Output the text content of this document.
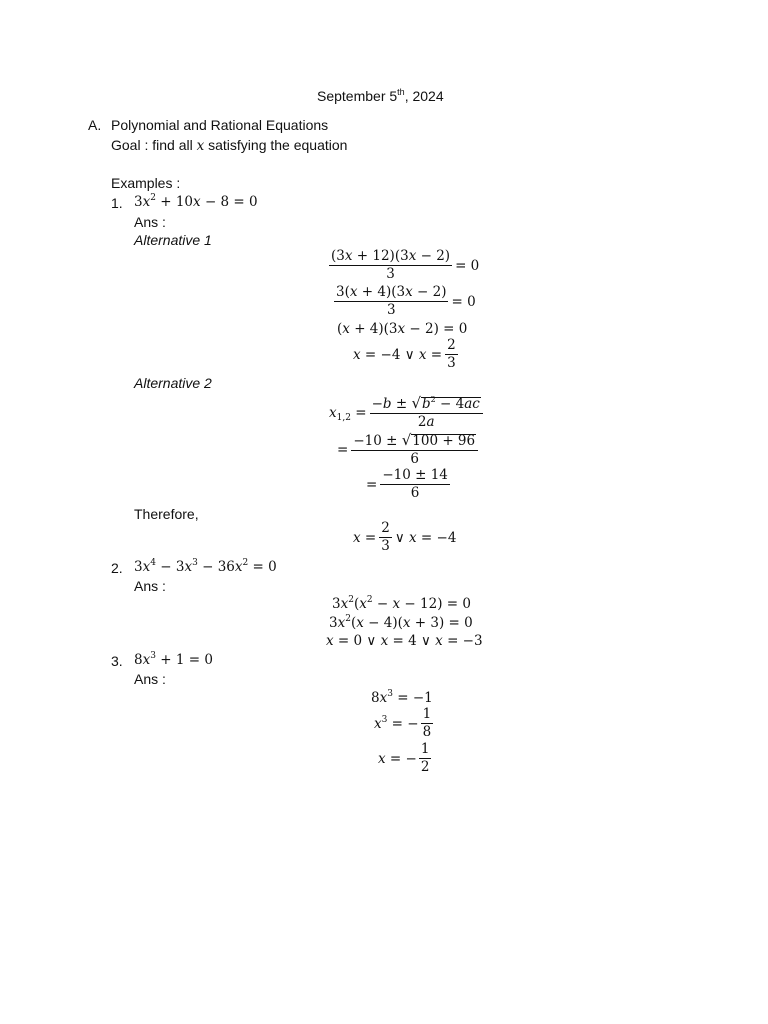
September 5th, 2024
A. Polynomial and Rational Equations
Goal : find all x satisfying the equation
Examples :
1. $3x^2 + 10x - 8 = 0$
Ans :
Alternative 1
$\frac{(3x + 12)(3x - 2)}{3} = 0$
$\frac{3(x + 4)(3x - 2)}{3} = 0$
(x + 4)(3x − 2) = 0
x = −4 ∨ $x = \frac{2}{3}$
Alternative 2
$x_{1,2} = \frac{-b \pm √ b^2 - 4ac}{2a}$
= $\frac{-10 \pm √ 100 + 96}{6}$
= $\frac{-10 \pm 14}{6}$
Therefore,
$x = \frac{2}{3}$ ∨ x = −4
2. $3x^4 - 3x^3 - 36x^2 = 0$
Ans :
$3x^2(x^2 - x - 12) = 0$
$3x^2(x - 4)(x + 3) = 0$
x = 0 ∨ x = 4 ∨ x = −3
3. $8x^3 + 1 = 0$
Ans :
$8x^3 = -1$
$x^3$ = − $\frac{1}{8}$
x = − $\frac{1}{2}$
